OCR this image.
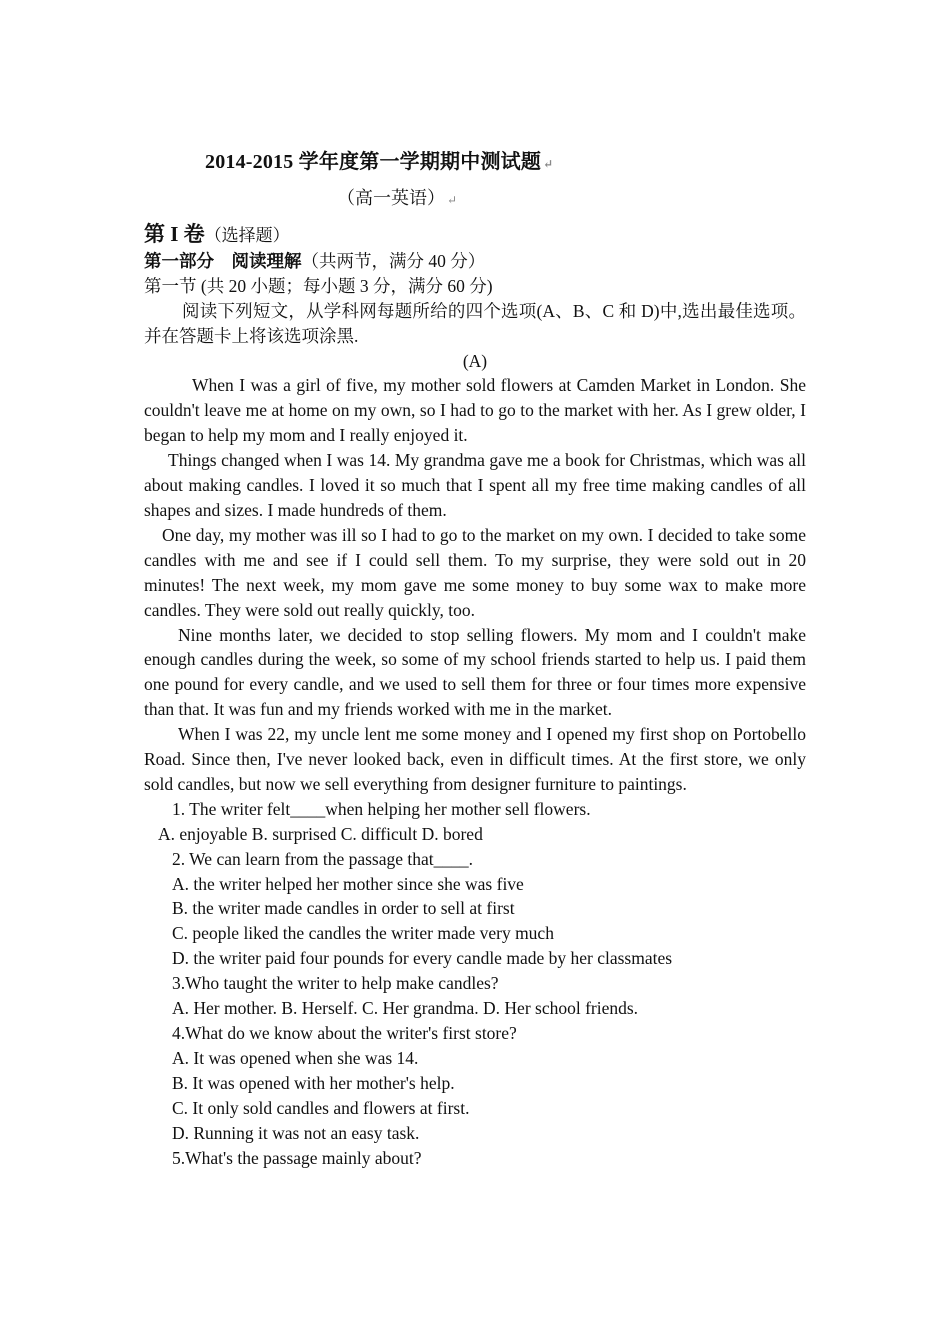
2014-2015 学年度第一学期期中测试题 ↵
（高一英语） ↵
第 I 卷（选择题）
第一部分　阅读理解（共两节，满分 40 分）
第一节 (共 20 小题；每小题 3 分，满分 60 分)
阅读下列短文，从学科网每题所给的四个选项(A、B、C 和 D)中,选出最佳选项。并在答题卡上将该选项涂黑.
(A)
When I was a girl of five, my mother sold flowers at Camden Market in London. She couldn't leave me at home on my own, so I had to go to the market with her. As I grew older, I began to help my mom and I really enjoyed it.
Things changed when I was 14. My grandma gave me a book for Christmas, which was all about making candles. I loved it so much that I spent all my free time making candles of all shapes and sizes. I made hundreds of them.
One day, my mother was ill so I had to go to the market on my own. I decided to take some candles with me and see if I could sell them. To my surprise, they were sold out in 20 minutes! The next week, my mom gave me some money to buy some wax to make more candles. They were sold out really quickly, too.
Nine months later, we decided to stop selling flowers. My mom and I couldn't make enough candles during the week, so some of my school friends started to help us. I paid them one pound for every candle, and we used to sell them for three or four times more expensive than that. It was fun and my friends worked with me in the market.
When I was 22, my uncle lent me some money and I opened my first shop on Portobello Road. Since then, I've never looked back, even in difficult times. At the first store, we only sold candles, but now we sell everything from designer furniture to paintings.
1. The writer felt____when helping her mother sell flowers.
A. enjoyable B. surprised C. difficult D. bored
2. We can learn from the passage that____.
A. the writer helped her mother since she was five
B. the writer made candles in order to sell at first
C. people liked the candles the writer made very much
D. the writer paid four pounds for every candle made by her classmates
3.Who taught the writer to help make candles?
A. Her mother. B. Herself. C. Her grandma. D. Her school friends.
4.What do we know about the writer's first store?
A. It was opened when she was 14.
B. It was opened with her mother's help.
C. It only sold candles and flowers at first.
D. Running it was not an easy task.
5.What's the passage mainly about?
